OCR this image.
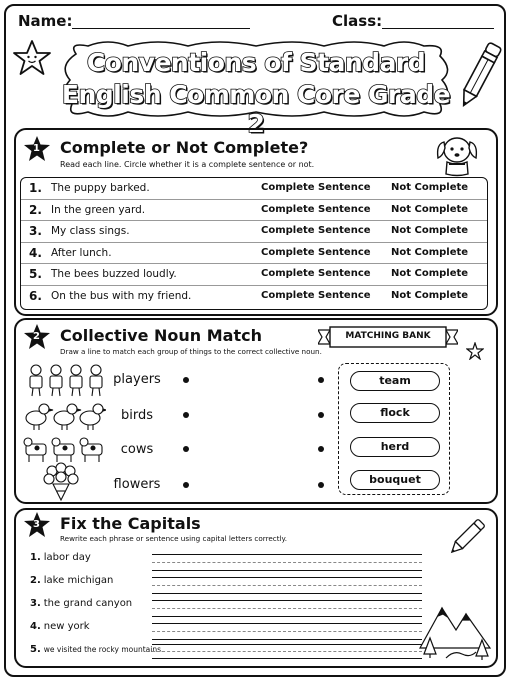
Name:	Class:
Conventions of Standard
English Common Core Grade 2
1 Complete or Not Complete?
Read each line. Circle whether it is a complete sentence or not.
1. The puppy barked.	Complete Sentence Not Complete
2. In the green yard.	Complete Sentence Not Complete
3. My class sings.	Complete Sentence Not Complete
4. After lunch.	Complete Sentence Not Complete
5. The bees buzzed loudly.	Complete Sentence Not Complete
6. On the bus with my friend.	Complete Sentence Not Complete
2 Collective Noun Match
Draw a line to match each group of things to the correct collective noun.
MATCHING BANK
players
birds
cows
flowers
team
flock
herd
bouquet
3 Fix the Capitals
Rewrite each phrase or sentence using capital letters correctly.
1. labor day
2. lake michigan
3. the grand canyon
4. new york
5. we visited the rocky mountains.
